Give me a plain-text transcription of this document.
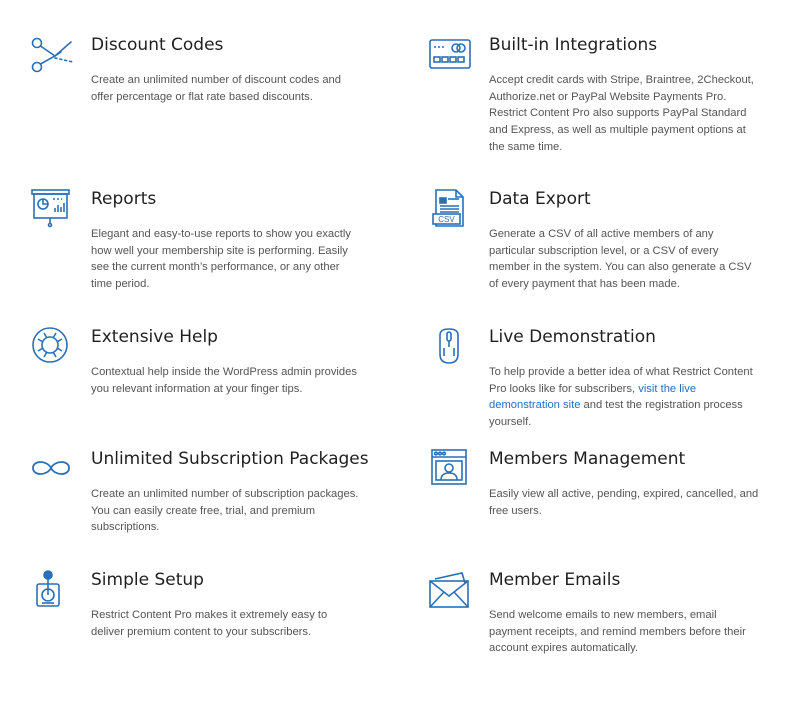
Discount Codes

Create an unlimited number of discount codes and offer percentage or flat rate based discounts.

Built-in Integrations

Accept credit cards with Stripe, Braintree, 2Checkout, Authorize.net or PayPal Website Payments Pro. Restrict Content Pro also supports PayPal Standard and Express, as well as multiple payment options at the same time.

Reports

Elegant and easy-to-use reports to show you exactly how well your membership site is performing. Easily see the current month’s performance, or any other time period.

CSV
Data Export

Generate a CSV of all active members of any particular subscription level, or a CSV of every member in the system. You can also generate a CSV of every payment that has been made.

Extensive Help

Contextual help inside the WordPress admin provides you relevant information at your finger tips.

Live Demonstration

To help provide a better idea of what Restrict Content Pro looks like for subscribers, visit the live demonstration site and test the registration process yourself.

Unlimited Subscription Packages

Create an unlimited number of subscription packages. You can easily create free, trial, and premium subscriptions.

Members Management

Easily view all active, pending, expired, cancelled, and free users.

Simple Setup

Restrict Content Pro makes it extremely easy to deliver premium content to your subscribers.

Member Emails

Send welcome emails to new members, email payment receipts, and remind members before their account expires automatically.
